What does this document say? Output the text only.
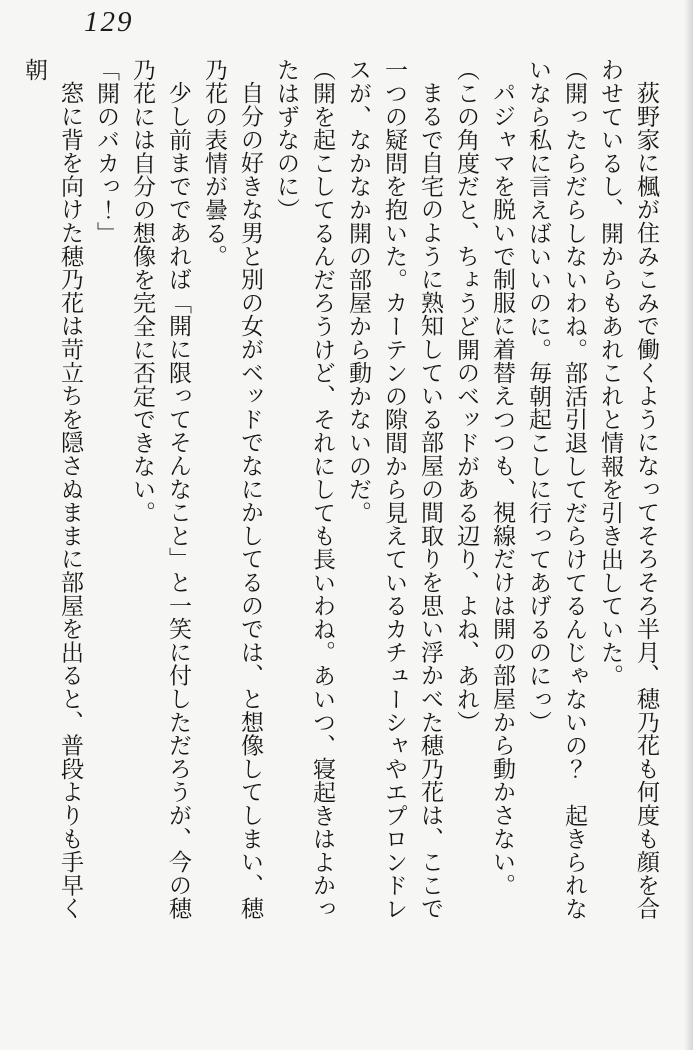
129

荻野家に楓が住みこみで働くようになってそろそろ半月、穂乃花も何度も顔を合わせているし、開からもあれこれと情報を引き出していた。

（開ったらだらしないわね。部活引退してだらけてるんじゃないの？　起きられないなら私に言えばいいのに。毎朝起こしに行ってあげるのにっ）

パジャマを脱いで制服に着替えつつも、視線だけは開の部屋から動かさない。

（この角度だと、ちょうど開のベッドがある辺り、よね、あれ）

まるで自宅のように熟知している部屋の間取りを思い浮かべた穂乃花は、ここで一つの疑問を抱いた。カーテンの隙間から見えているカチューシャやエプロンドレスが、なかなか開の部屋から動かないのだ。

（開を起こしてるんだろうけど、それにしても長いわね。あいつ、寝起きはよかったはずなのに）

自分の好きな男と別の女がベッドでなにかしてるのでは、と想像してしまい、穂乃花の表情が曇る。

少し前までであれば「開に限ってそんなこと」と一笑に付しただろうが、今の穂乃花には自分の想像を完全に否定できない。

「開のバカっ！」

窓に背を向けた穂乃花は苛立ちを隠さぬままに部屋を出ると、普段よりも手早く朝
